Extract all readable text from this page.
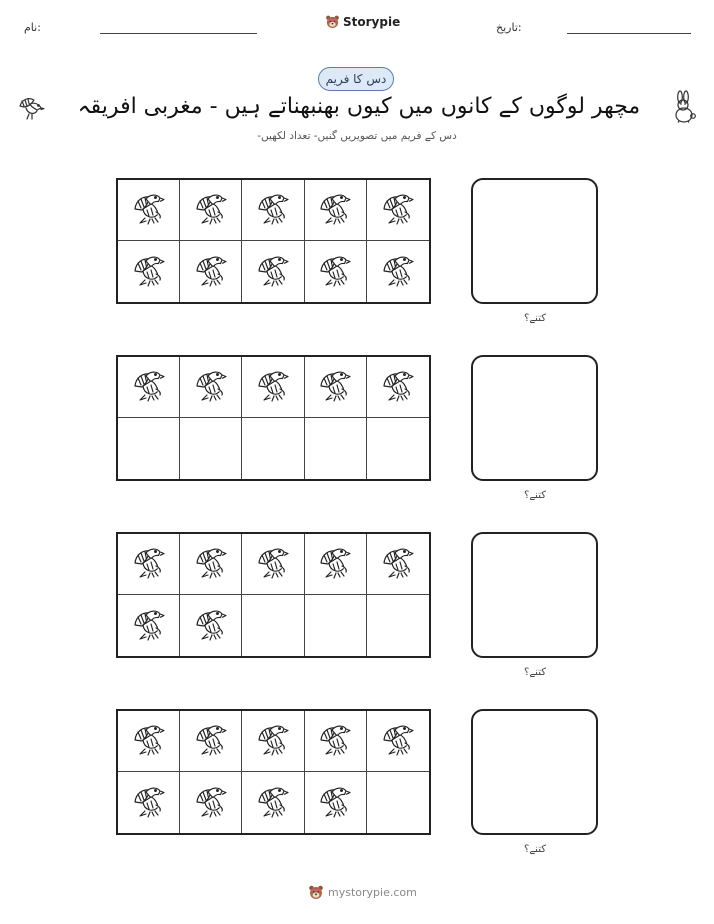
نام:	Storypie	تاریخ:
دس کا فریم
مچھر لوگوں کے کانوں میں کیوں بھنبھناتے ہیں - مغربی افریقہ
دس کے فریم میں تصویریں گنیں- تعداد لکھیں-
کتنے؟
کتنے؟
کتنے؟
کتنے؟
mystorypie.com
